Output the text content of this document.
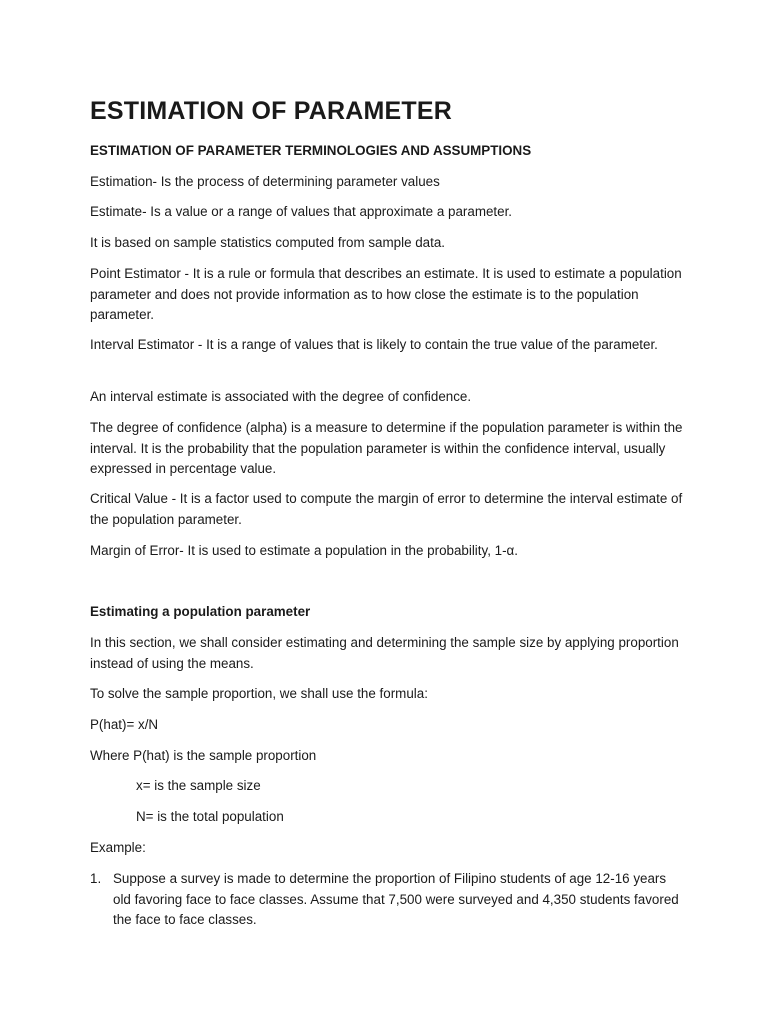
ESTIMATION OF PARAMETER

ESTIMATION OF PARAMETER TERMINOLOGIES AND ASSUMPTIONS

Estimation- Is the process of determining parameter values

Estimate- Is a value or a range of values that approximate a parameter.

It is based on sample statistics computed from sample data.

Point Estimator - It is a rule or formula that describes an estimate. It is used to estimate a population parameter and does not provide information as to how close the estimate is to the population parameter.

Interval Estimator - It is a range of values that is likely to contain the true value of the parameter.

An interval estimate is associated with the degree of confidence.

The degree of confidence (alpha) is a measure to determine if the population parameter is within the interval. It is the probability that the population parameter is within the confidence interval, usually expressed in percentage value.

Critical Value - It is a factor used to compute the margin of error to determine the interval estimate of the population parameter.

Margin of Error- It is used to estimate a population in the probability, 1-α.

Estimating a population parameter

In this section, we shall consider estimating and determining the sample size by applying proportion instead of using the means.

To solve the sample proportion, we shall use the formula:

P(hat)= x/N

Where P(hat) is the sample proportion

x= is the sample size

N= is the total population

Example:

1. Suppose a survey is made to determine the proportion of Filipino students of age 12-16 years old favoring face to face classes. Assume that 7,500 were surveyed and 4,350 students favored the face to face classes.
